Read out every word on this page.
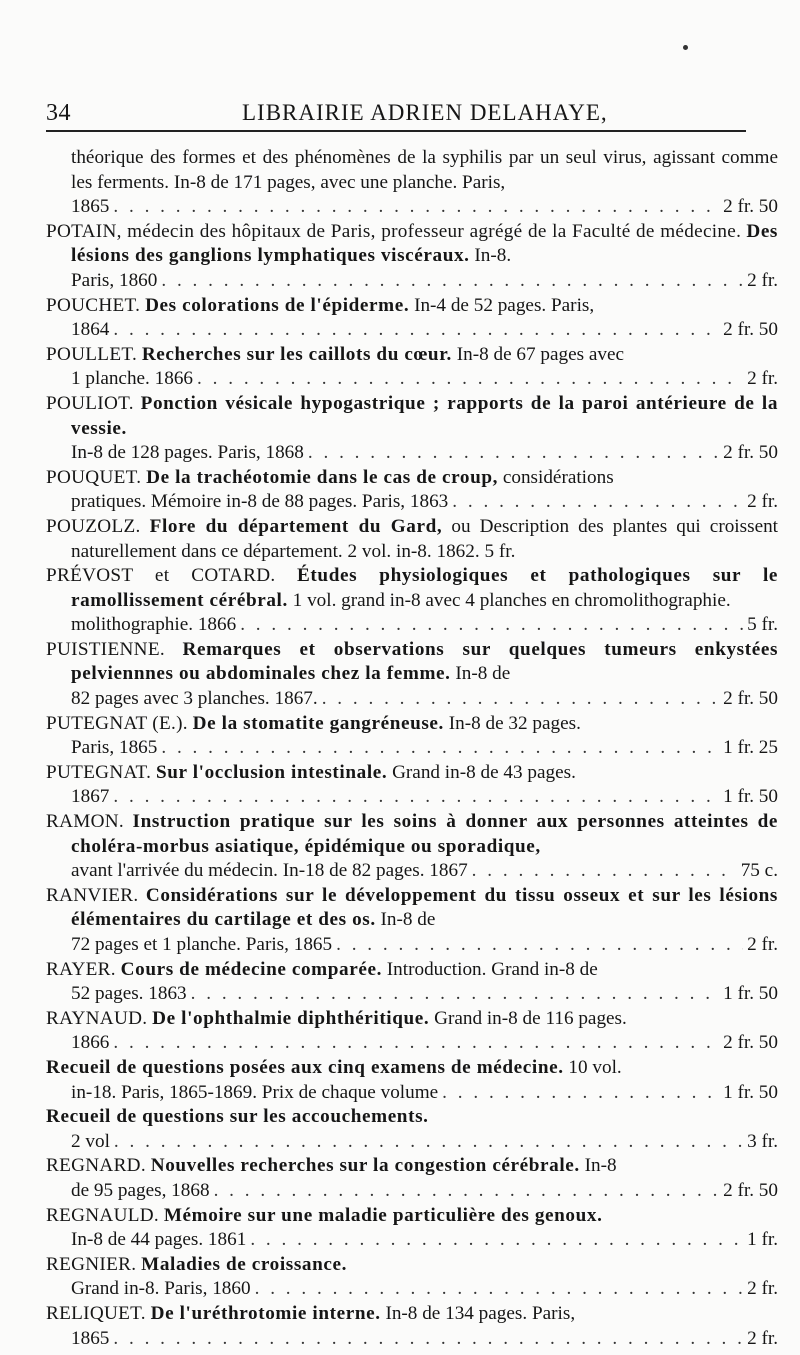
34	LIBRAIRIE ADRIEN DELAHAYE,

théorique des formes et des phénomènes de la syphilis par un seul virus, agissant comme les ferments. In-8 de 171 pages, avec une planche. Paris,

1865 . . .	2 fr. 50

POTAIN, médecin des hôpitaux de Paris, professeur agrégé de la Faculté de médecine. Des lésions des ganglions lymphatiques viscéraux. In-8.
Paris, 1860 . . .	2 fr.

POUCHET. Des colorations de l'épiderme. In-4 de 52 pages. Paris,
1864 . . .	2 fr. 50

POULLET. Recherches sur les caillots du cœur. In-8 de 67 pages avec
1 planche. 1866 . . .	2 fr.

POULIOT. Ponction vésicale hypogastrique ; rapports de la paroi antérieure de la vessie.
In-8 de 128 pages. Paris, 1868 . . .	2 fr. 50

POUQUET. De la trachéotomie dans le cas de croup, considérations
pratiques. Mémoire in-8 de 88 pages. Paris, 1863 . . .	2 fr.

POUZOLZ. Flore du département du Gard, ou Description des plantes qui croissent naturellement dans ce département. 2 vol. in-8. 1862. 5 fr.

PRÉVOST et COTARD. Études physiologiques et pathologiques sur le ramollissement cérébral. 1 vol. grand in-8 avec 4 planches en chromolithographie.
molithographie. 1866 . . .	5 fr.

PUISTIENNE. Remarques et observations sur quelques tumeurs enkystées pelviennnes ou abdominales chez la femme. In-8 de
82 pages avec 3 planches. 1867. . . .	2 fr. 50

PUTEGNAT (E.). De la stomatite gangréneuse. In-8 de 32 pages.
Paris, 1865 . . .	1 fr. 25

PUTEGNAT. Sur l'occlusion intestinale. Grand in-8 de 43 pages.
1867 . . .	1 fr. 50

RAMON. Instruction pratique sur les soins à donner aux personnes atteintes de choléra-morbus asiatique, épidémique ou sporadique,
avant l'arrivée du médecin. In-18 de 82 pages. 1867 . . .	75 c.

RANVIER. Considérations sur le développement du tissu osseux et sur les lésions élémentaires du cartilage et des os. In-8 de
72 pages et 1 planche. Paris, 1865 . . .	2 fr.

RAYER. Cours de médecine comparée. Introduction. Grand in-8 de
52 pages. 1863 . . .	1 fr. 50

RAYNAUD. De l'ophthalmie diphthéritique. Grand in-8 de 116 pages.
1866 . . .	2 fr. 50

Recueil de questions posées aux cinq examens de médecine. 10 vol.
in-18. Paris, 1865-1869. Prix de chaque volume . . .	1 fr. 50

Recueil de questions sur les accouchements.
2 vol . . .	3 fr.

REGNARD. Nouvelles recherches sur la congestion cérébrale. In-8
de 95 pages, 1868 . . .	2 fr. 50

REGNAULD. Mémoire sur une maladie particulière des genoux.
In-8 de 44 pages. 1861 . . .	1 fr.

REGNIER. Maladies de croissance.
Grand in-8. Paris, 1860 . . .	2 fr.

RELIQUET. De l'uréthrotomie interne. In-8 de 134 pages. Paris,
1865 . . .	2 fr.
